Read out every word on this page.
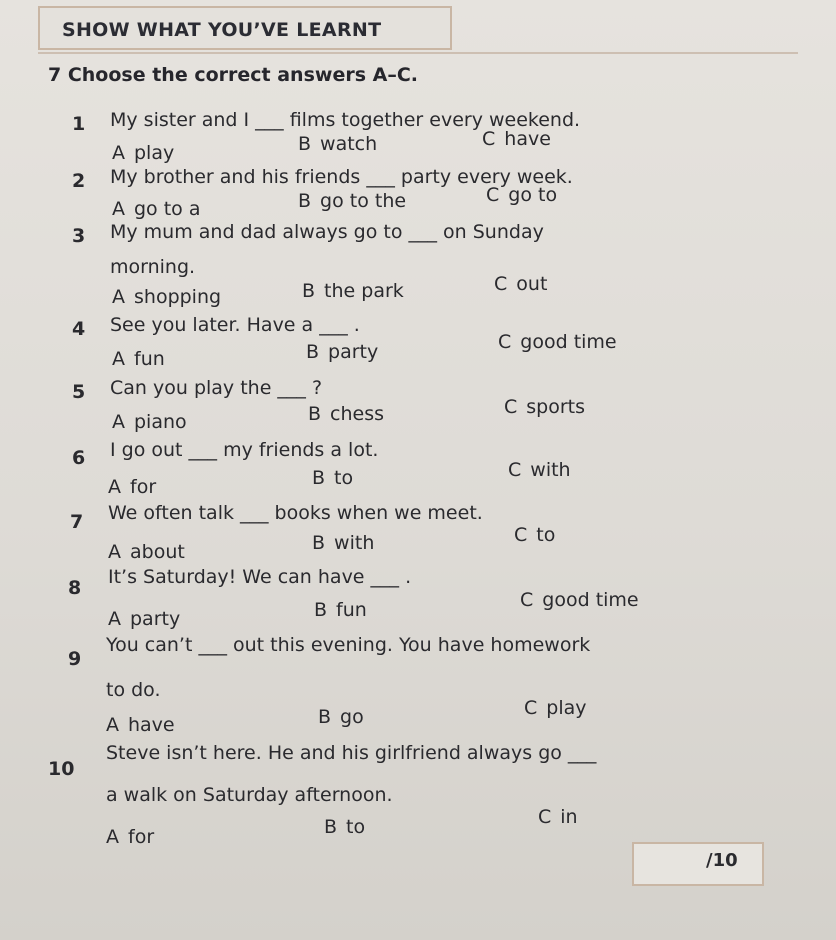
SHOW WHAT YOU’VE LEARNT
7 Choose the correct answers A–C.
1 My sister and I ___ films together every weekend.
A play	B watch	C have
2 My brother and his friends ___ party every week.
A go to a	B go to the	C go to
3 My mum and dad always go to ___ on Sunday
morning.
A shopping	B the park	C out
4 See you later. Have a ___ .
A fun	B party	C good time
5 Can you play the ___ ?
A piano	B chess	C sports
6 I go out ___ my friends a lot.
A for	B to	C with
7 We often talk ___ books when we meet.
A about	B with	C to
8 It’s Saturday! We can have ___ .
A party	B fun	C good time
9
You can’t ___ out this evening. You have homework
to do.
A have	B go	C play
10
Steve isn’t here. He and his girlfriend always go ___
a walk on Saturday afternoon.
A for	B to	C in
/10
